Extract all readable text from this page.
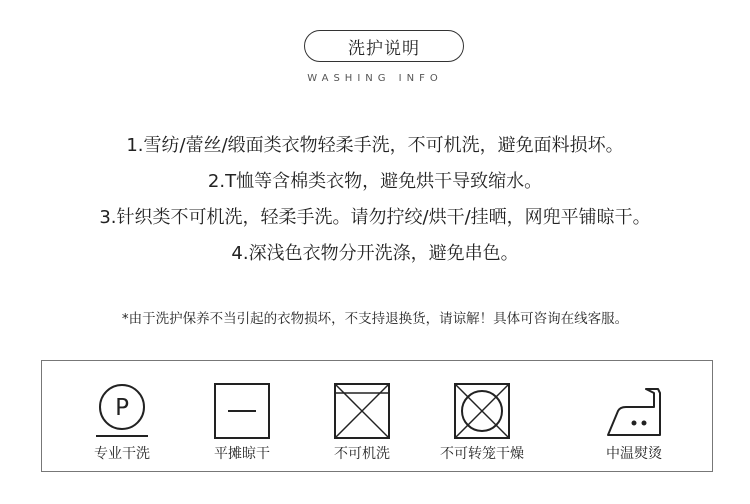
洗护说明
WASHING INFO
1.雪纺/蕾丝/缎面类衣物轻柔手洗，不可机洗，避免面料损坏。
2.T恤等含棉类衣物，避免烘干导致缩水。
3.针织类不可机洗，轻柔手洗。请勿拧绞/烘干/挂晒，网兜平铺晾干。
4.深浅色衣物分开洗涤，避免串色。
*由于洗护保养不当引起的衣物损坏，不支持退换货，请谅解！具体可咨询在线客服。
P
专业干洗	平摊晾干	不可机洗	不可转笼干燥	中温熨烫
